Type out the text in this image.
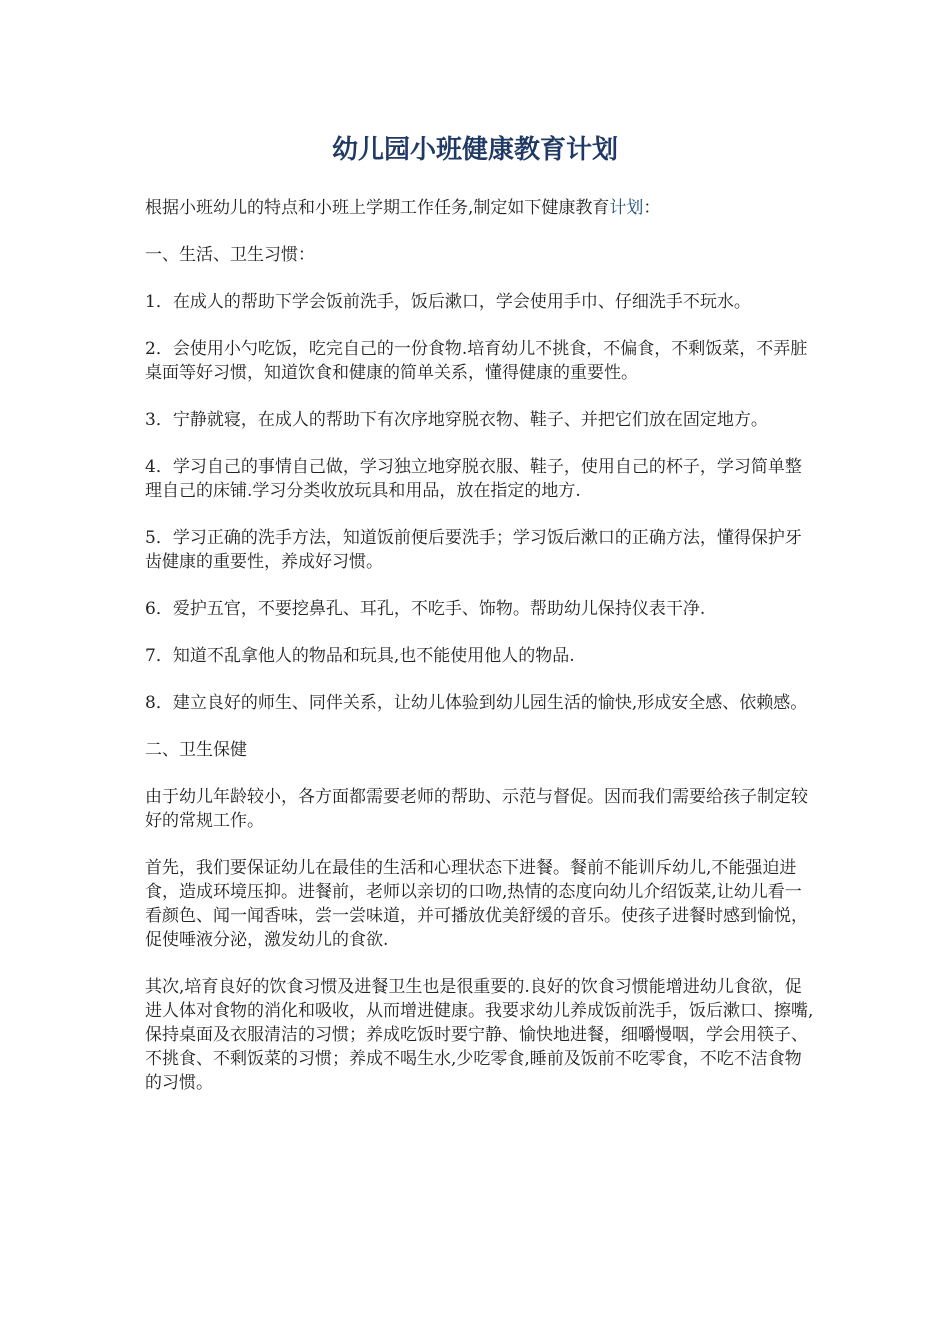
幼儿园小班健康教育计划

根据小班幼儿的特点和小班上学期工作任务,制定如下健康教育计划：

一、生活、卫生习惯：

1．在成人的帮助下学会饭前洗手，饭后漱口，学会使用手巾、仔细洗手不玩水。

2．会使用小勺吃饭，吃完自己的一份食物.培育幼儿不挑食，不偏食，不剩饭菜，不弄脏桌面等好习惯，知道饮食和健康的简单关系，懂得健康的重要性。

3．宁静就寝，在成人的帮助下有次序地穿脱衣物、鞋子、并把它们放在固定地方。

4．学习自己的事情自己做，学习独立地穿脱衣服、鞋子，使用自己的杯子，学习简单整理自己的床铺.学习分类收放玩具和用品，放在指定的地方.

5．学习正确的洗手方法，知道饭前便后要洗手；学习饭后漱口的正确方法，懂得保护牙齿健康的重要性，养成好习惯。

6．爱护五官，不要挖鼻孔、耳孔，不吃手、饰物。帮助幼儿保持仪表干净.

7．知道不乱拿他人的物品和玩具,也不能使用他人的物品.

8．建立良好的师生、同伴关系，让幼儿体验到幼儿园生活的愉快,形成安全感、依赖感。

二、卫生保健

由于幼儿年龄较小，各方面都需要老师的帮助、示范与督促。因而我们需要给孩子制定较好的常规工作。

首先，我们要保证幼儿在最佳的生活和心理状态下进餐。餐前不能训斥幼儿,不能强迫进食，造成环境压抑。进餐前，老师以亲切的口吻,热情的态度向幼儿介绍饭菜,让幼儿看一看颜色、闻一闻香味，尝一尝味道，并可播放优美舒缓的音乐。使孩子进餐时感到愉悦，促使唾液分泌，激发幼儿的食欲.

其次,培育良好的饮食习惯及进餐卫生也是很重要的.良好的饮食习惯能增进幼儿食欲，促进人体对食物的消化和吸收，从而增进健康。我要求幼儿养成饭前洗手，饭后漱口、擦嘴,保持桌面及衣服清洁的习惯；养成吃饭时要宁静、愉快地进餐，细嚼慢咽，学会用筷子、不挑食、不剩饭菜的习惯；养成不喝生水,少吃零食,睡前及饭前不吃零食，不吃不洁食物的习惯。
